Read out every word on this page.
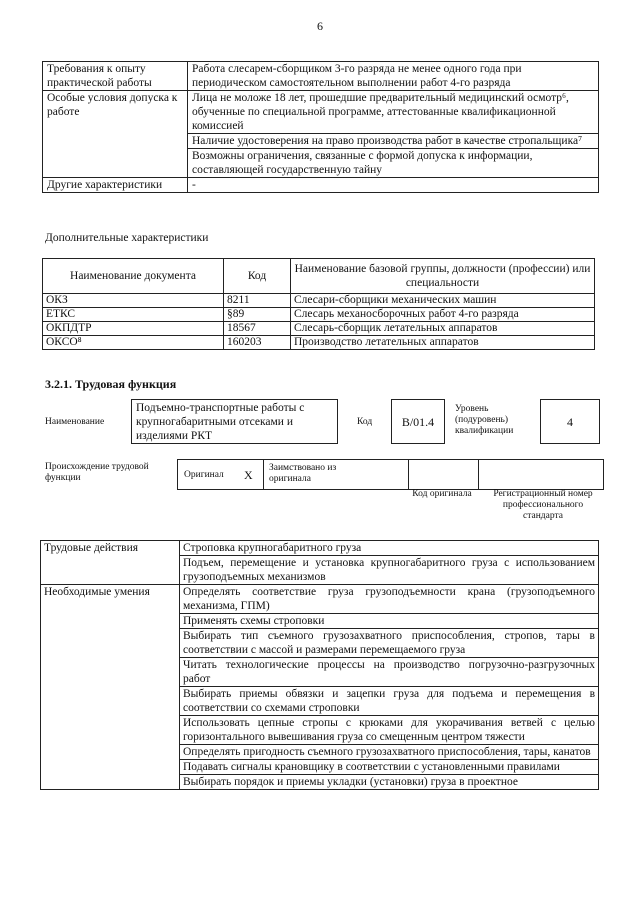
6
Требования к опыту практической работы	Работа слесарем-сборщиком 3-го разряда не менее одного года при периодическом самостоятельном выполнении работ 4-го разряда
Особые условия допуска к работе	Лица не моложе 18 лет, прошедшие предварительный медицинский осмотр⁶, обученные по специальной программе, аттестованные квалификационной комиссией
Наличие удостоверения на право производства работ в качестве стропальщика⁷
Возможны ограничения, связанные с формой допуска к информации, составляющей государственную тайну

Другие характеристики	-
Дополнительные характеристики
Наименование документа	Код	Наименование базовой группы, должности (профессии) или специальности
ОКЗ	8211	Слесари-сборщики механических машин
ЕТКС	§89	Слесарь механосборочных работ 4-го разряда
ОКПДТР	18567	Слесарь-сборщик летательных аппаратов
ОКСО⁸	160203	Производство летательных аппаратов
3.2.1. Трудовая функция
Наименование
Подъемно-транспортные работы с крупногабаритными отсеками и изделиями РКТ
Код	B/01.4
Уровень (подуровень) квалификации
4
Происхождение трудовой функции	Оригинал X Заимствовано из оригинала
Код оригинала	Регистрационный номер профессионального стандарта
Трудовые действия	Строповка крупногабаритного груза
	Подъем, перемещение и установка крупногабаритного груза с использованием грузоподъемных механизмов
Необходимые умения	Определять соответствие груза грузоподъемности крана (грузоподъемного механизма, ГПМ)
	Применять схемы строповки
	Выбирать тип съемного грузозахватного приспособления, стропов, тары в соответствии с массой и размерами перемещаемого груза
	Читать технологические процессы на производство погрузочно-разгрузочных работ
	Выбирать приемы обвязки и зацепки груза для подъема и перемещения в соответствии со схемами строповки
	Использовать цепные стропы с крюками для укорачивания ветвей с целью горизонтального вывешивания груза со смещенным центром тяжести
	Определять пригодность съемного грузозахватного приспособления, тары, канатов
	Подавать сигналы крановщику в соответствии с установленными правилами
	Выбирать порядок и приемы укладки (установки) груза в проектное
